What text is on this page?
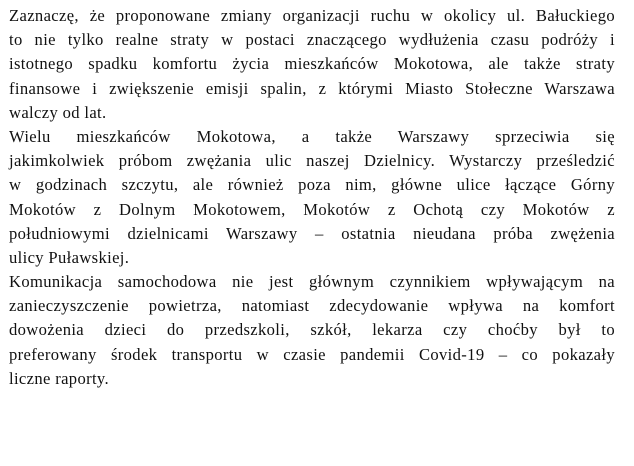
Zaznaczę, że proponowane zmiany organizacji ruchu w okolicy ul. Bałuckiego
to nie tylko realne straty w postaci znaczącego wydłużenia czasu podróży i
istotnego spadku komfortu życia mieszkańców Mokotowa, ale także straty
finansowe i zwiększenie emisji spalin, z którymi Miasto Stołeczne Warszawa
walczy od lat.
Wielu mieszkańców Mokotowa, a także Warszawy sprzeciwia się
jakimkolwiek próbom zwężania ulic naszej Dzielnicy. Wystarczy prześledzić
w godzinach szczytu, ale również poza nim, główne ulice łączące Górny
Mokotów z Dolnym Mokotowem, Mokotów z Ochotą czy Mokotów z
południowymi dzielnicami Warszawy – ostatnia nieudana próba zwężenia
ulicy Puławskiej.
Komunikacja samochodowa nie jest głównym czynnikiem wpływającym na
zanieczyszczenie powietrza, natomiast zdecydowanie wpływa na komfort
dowożenia dzieci do przedszkoli, szkół, lekarza czy choćby był to
preferowany środek transportu w czasie pandemii Covid-19 – co pokazały
liczne raporty.
